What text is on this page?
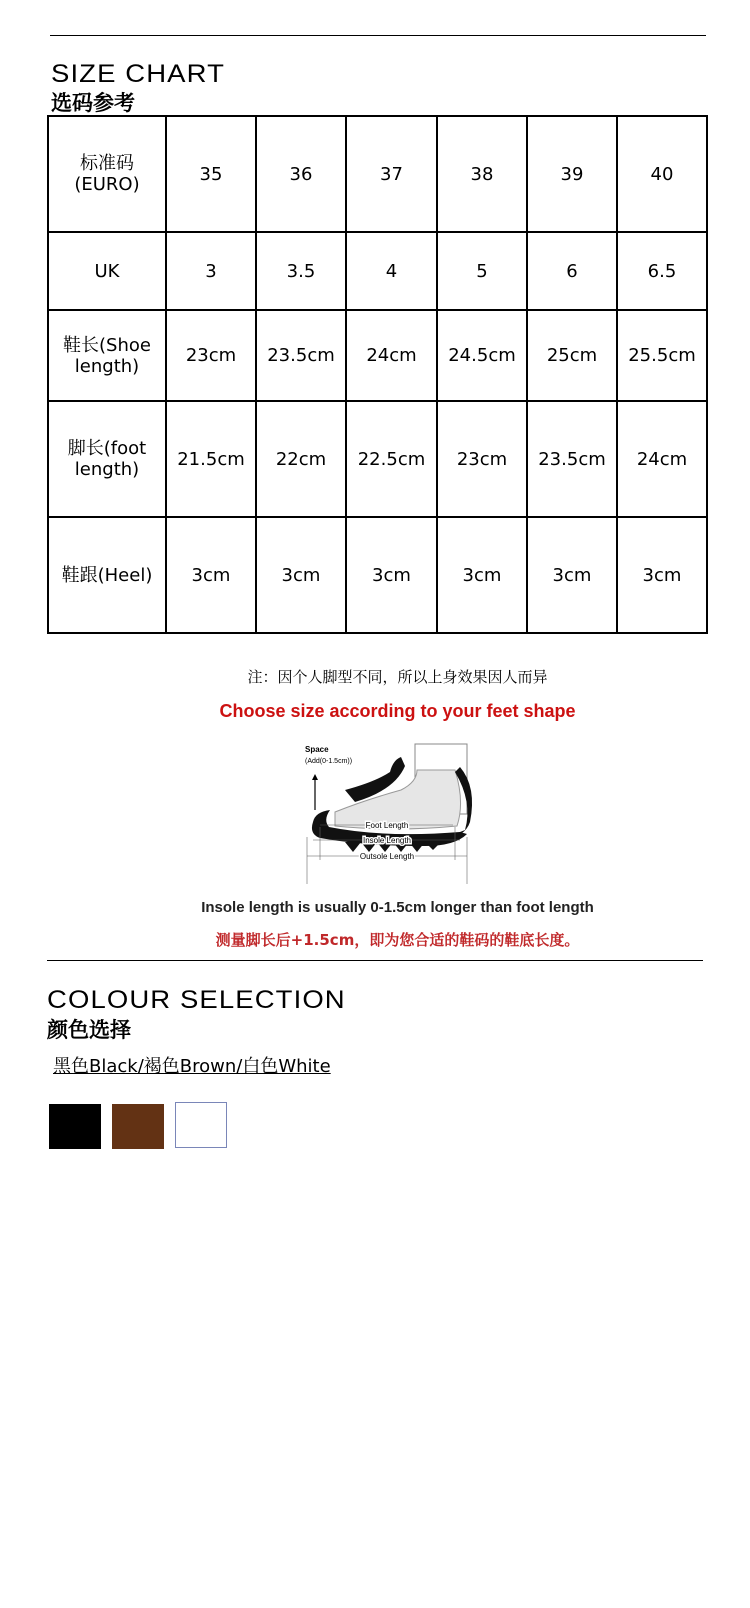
SIZE CHART
选码参考
标准码
(EURO)	35	36	37	38	39	40
UK	3	3.5	4	5	6	6.5
鞋长(Shoe
length)	23cm	23.5cm	24cm	24.5cm	25cm	25.5cm
脚长(foot
length)	21.5cm	22cm	22.5cm	23cm	23.5cm	24cm
鞋跟(Heel)	3cm	3cm	3cm	3cm	3cm	3cm
注：因个人脚型不同，所以上身效果因人而异
Choose size according to your feet shape
Space
(Add(0-1.5cm))
Foot Length
Insole Length
Outsole Length
Insole length is usually 0-1.5cm longer than foot length
测量脚长后+1.5cm，即为您合适的鞋码的鞋底长度。
COLOUR SELECTION
颜色选择
黑色Black/褐色Brown/白色White
